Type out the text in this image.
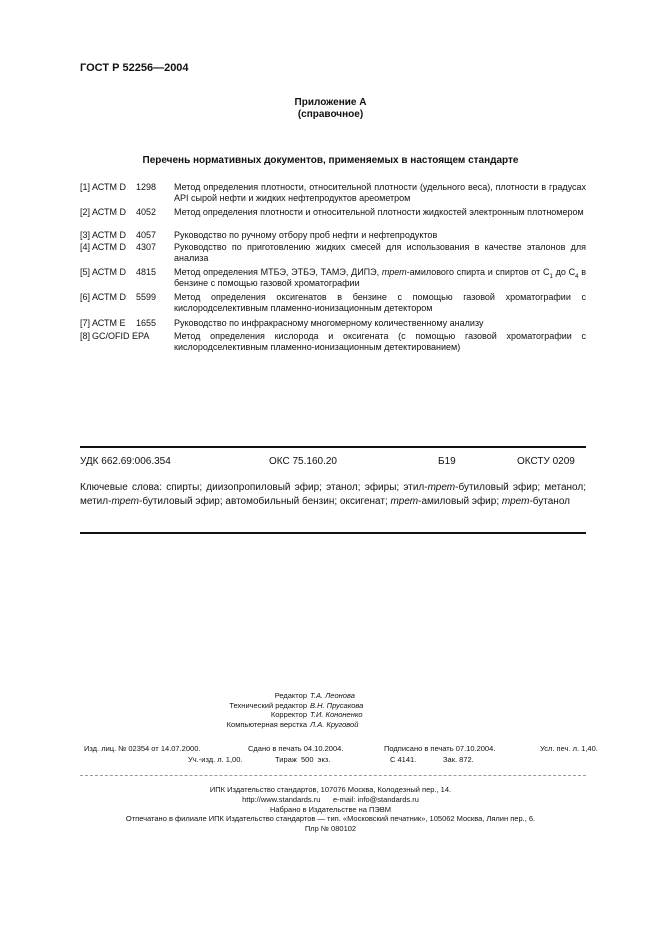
ГОСТ Р 52256—2004
Приложение А
(справочное)
Перечень нормативных документов, применяемых в настоящем стандарте
[1] АСТМ D 1298 Метод определения плотности, относительной плотности (удельного веса), плотности в градусах API сырой нефти и жидких нефтепродуктов ареометром
[2] АСТМ D 4052 Метод определения плотности и относительной плотности жидкостей электронным плотномером
[3] АСТМ D 4057 Руководство по ручному отбору проб нефти и нефтепродуктов
[4] АСТМ D 4307 Руководство по приготовлению жидких смесей для использования в качестве эталонов для анализа
[5] АСТМ D 4815 Метод определения МТБЭ, ЭТБЭ, ТАМЭ, ДИПЭ, трет-амилового спирта и спиртов от $С_1$ до $С_4$ в бензине с помощью газовой хроматографии
[6] АСТМ D 5599 Метод определения оксигенатов в бензине с помощью газовой хроматографии с кислородселективным пламенно-ионизационным детектором
[7] АСТМ Е 1655 Руководство по инфракрасному многомерному количественному анализу
[8] GC/OFID EPA	Метод определения кислорода и оксигената (с помощью газовой хроматографии с кислородселективным пламенно-ионизационным детектированием)
УДК 662.69:006.354	ОКС 75.160.20	Б19	ОКСТУ 0209
Ключевые слова: спирты; диизопропиловый эфир; этанол; эфиры; этил-трет-бутиловый эфир; метанол; метил-трет-бутиловый эфир; автомобильный бензин; оксигенат; трет-амиловый эфир; трет-бутанол
Редактор Т.А. Леонова
Технический редактор В.Н. Прусакова
Корректор Т.И. Кононенко
Компьютерная верстка Л.А. Круговой
Изд. лиц. № 02354 от 14.07.2000.	Сдано в печать 04.10.2004.	Подписано в печать 07.10.2004.	Усл. печ. л. 1,40.
Уч.-изд. л. 1,00.	Тираж 500 экз.	С 4141.	Зак. 872.
ИПК Издательство стандартов, 107076 Москва, Колодезный пер., 14.
http://www.standards.ru e-mail: info@standards.ru
Набрано в Издательстве на ПЭВМ
Отпечатано в филиале ИПК Издательство стандартов — тип. «Московский печатник», 105062 Москва, Лялин пер., 6.
Плр № 080102
